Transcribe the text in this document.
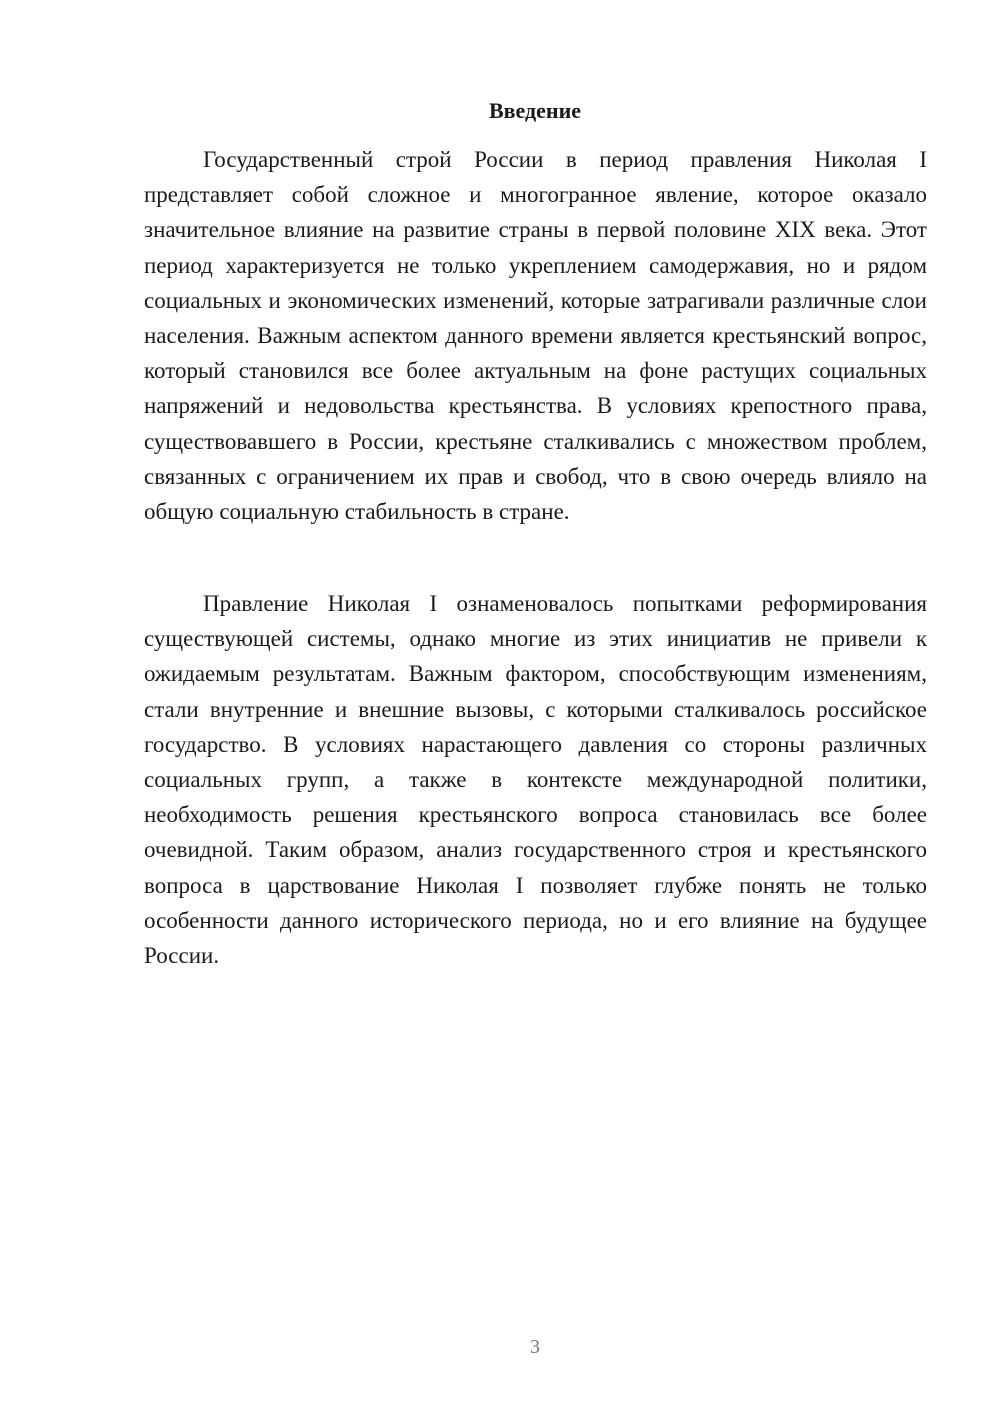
Введение

Государственный строй России в период правления Николая I представляет собой сложное и многогранное явление, которое оказало значительное влияние на развитие страны в первой половине XIX века. Этот период характеризуется не только укреплением самодержавия, но и рядом социальных и экономических изменений, которые затрагивали различные слои населения. Важным аспектом данного времени является крестьянский вопрос, который становился все более актуальным на фоне растущих социальных напряжений и недовольства крестьянства. В условиях крепостного права, существовавшего в России, крестьяне сталкивались с множеством проблем, связанных с ограничением их прав и свобод, что в свою очередь влияло на общую социальную стабильность в стране.

Правление Николая I ознаменовалось попытками реформирования существующей системы, однако многие из этих инициатив не привели к ожидаемым результатам. Важным фактором, способствующим изменениям, стали внутренние и внешние вызовы, с которыми сталкивалось российское государство. В условиях нарастающего давления со стороны различных социальных групп, а также в контексте международной политики, необходимость решения крестьянского вопроса становилась все более очевидной. Таким образом, анализ государственного строя и крестьянского вопроса в царствование Николая I позволяет глубже понять не только особенности данного исторического периода, но и его влияние на будущее России.

3
